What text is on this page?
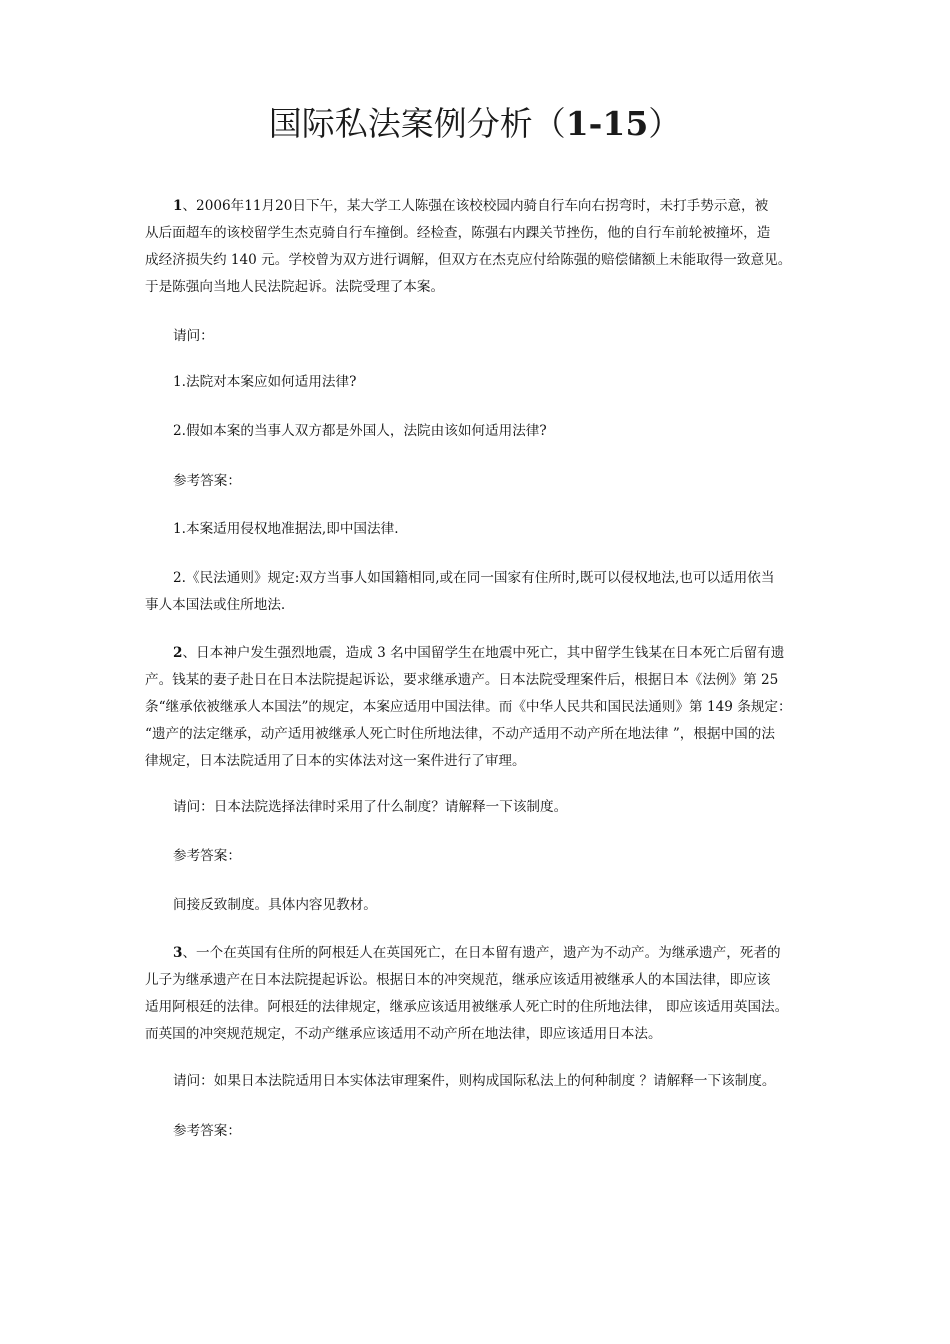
国际私法案例分析（1-15）

1、2006年11月20日下午，某大学工人陈强在该校校园内骑自行车向右拐弯时，未打手势示意，被
从后面超车的该校留学生杰克骑自行车撞倒。经检查，陈强右内踝关节挫伤，他的自行车前轮被撞坏，造
成经济损失约 140 元。学校曾为双方进行调解，但双方在杰克应付给陈强的赔偿储额上未能取得一致意见。
于是陈强向当地人民法院起诉。法院受理了本案。

请问：

1.法院对本案应如何适用法律?

2.假如本案的当事人双方都是外国人，法院由该如何适用法律?

参考答案：

1.本案适用侵权地准据法,即中国法律.

2.《民法通则》规定:双方当事人如国籍相同,或在同一国家有住所时,既可以侵权地法,也可以适用依当
事人本国法或住所地法.

2、日本神户发生强烈地震，造成 3 名中国留学生在地震中死亡，其中留学生钱某在日本死亡后留有遗
产。钱某的妻子赴日在日本法院提起诉讼，要求继承遗产。日本法院受理案件后，根据日本《法例》第 25
条“继承依被继承人本国法”的规定，本案应适用中国法律。而《中华人民共和国民法通则》第 149 条规定：
“遗产的法定继承，动产适用被继承人死亡时住所地法律，不动产适用不动产所在地法律 ”，根据中国的法
律规定，日本法院适用了日本的实体法对这一案件进行了审理。

请问：日本法院选择法律时采用了什么制度？请解释一下该制度。

参考答案：

间接反致制度。具体内容见教材。

3、一个在英国有住所的阿根廷人在英国死亡，在日本留有遗产，遗产为不动产。为继承遗产，死者的
儿子为继承遗产在日本法院提起诉讼。根据日本的冲突规范，继承应该适用被继承人的本国法律，即应该
适用阿根廷的法律。阿根廷的法律规定，继承应该适用被继承人死亡时的住所地法律， 即应该适用英国法。
而英国的冲突规范规定，不动产继承应该适用不动产所在地法律，即应该适用日本法。

请问：如果日本法院适用日本实体法审理案件，则构成国际私法上的何种制度 ？请解释一下该制度。

参考答案：
